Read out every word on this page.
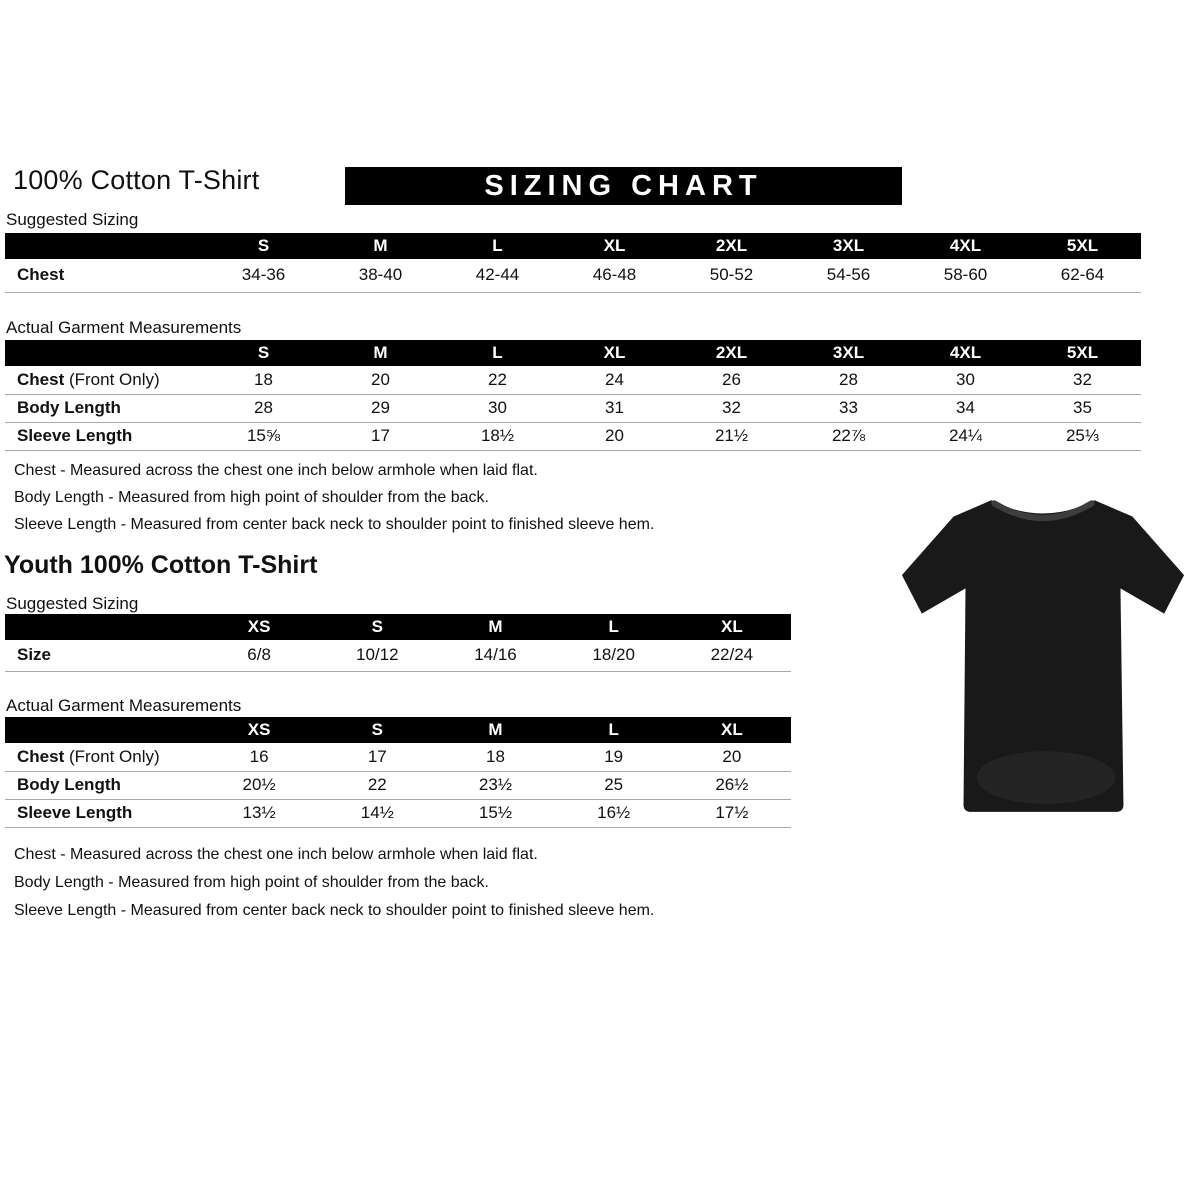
100% Cotton T-Shirt	SIZING CHART
Suggested Sizing
	S	M	L	XL	2XL	3XL	4XL	5XL
Chest	34-36	38-40	42-44	46-48	50-52	54-56	58-60	62-64
Actual Garment Measurements
	S	M	L	XL	2XL	3XL	4XL	5XL
Chest (Front Only)	18	20	22	24	26	28	30	32
Body Length	28	29	30	31	32	33	34	35
Sleeve Length	15⅝	17	18½	20	21½	22⅞	24¼	25⅓
Chest - Measured across the chest one inch below armhole when laid flat.
Body Length - Measured from high point of shoulder from the back.
Sleeve Length - Measured from center back neck to shoulder point to finished sleeve hem.
Youth 100% Cotton T-Shirt
Suggested Sizing
	XS	S	M	L	XL
Size	6/8	10/12	14/16	18/20	22/24
Actual Garment Measurements
	XS	S	M	L	XL
Chest (Front Only)	16	17	18	19	20
Body Length	20½	22	23½	25	26½
Sleeve Length	13½	14½	15½	16½	17½
Chest - Measured across the chest one inch below armhole when laid flat.
Body Length - Measured from high point of shoulder from the back.
Sleeve Length - Measured from center back neck to shoulder point to finished sleeve hem.
